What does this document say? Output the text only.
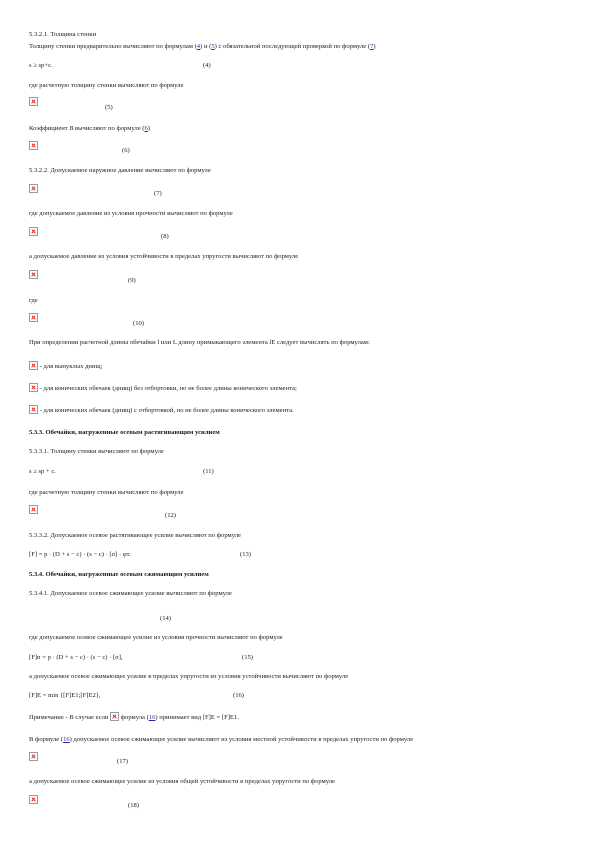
5.3.2.1. Толщина стенки
Толщину стенки предварительно вычисляют по формулам (4) и (5) с обязательной последующей проверкой по формуле (7)
s ≥ sp+c.	(4)
где расчетную толщину стенки вычисляют по формуле
(5)
Коэффициент B вычисляют по формуле (6)
(6)
5.3.2.2. Допускаемое наружное давление вычисляют по формуле
(7)
где допускаемое давление из условия прочности вычисляют по формуле
(8)
а допускаемое давление из условия устойчивости в пределах упругости вычисляют по формуле
(9)
где
(10)
При определении расчетной длины обечайки l или L длину примыкающего элемента lЕ следует вычислять по формулам:
- для выпуклых днищ;
- для конических обечаек (днищ) без отбортовки, но не более длины конического элемента;
- для конических обечаек (днищ) с отбортовкой, но не более длины конического элемента.
5.3.3. Обечайки, нагруженные осевым растягивающим усилием
5.3.3.1. Толщину стенки вычисляют по формуле
s ≥ sp + c.	(11)
где расчетную толщину стенки вычисляют по формуле
(12)
5.3.3.2. Допускаемое осевое растягивающее усилие вычисляют по формуле
[F] = p · (D + s − c) · (s − c) · [σ] · φт.	(13)
5.3.4. Обечайки, нагруженные осевым сжимающим усилием
5.3.4.1. Допускаемое осевое сжимающее усилие вычисляют по формуле
(14)
где допускаемое осевое сжимающее усилие из условия прочности вычисляют по формуле
[F]п = p · (D + s − c) · (s − c) · [σ],	(15)
а допускаемое осевое сжимающее усилие в пределах упругости из условия устойчивости вычисляют по формуле
[F]Е = min {[F]Е1;[F]Е2},	(16)
Примечание - В случае если  формула (16) принимает вид [F]Е = [F]Е1.
В формуле (16) допускаемое осевое сжимающее усилие вычисляют из условия местной устойчивости в пределах упругости по формуле
(17)
а допускаемое осевое сжимающее усилие из условия общей устойчивости в пределах упругости по формуле
(18)
